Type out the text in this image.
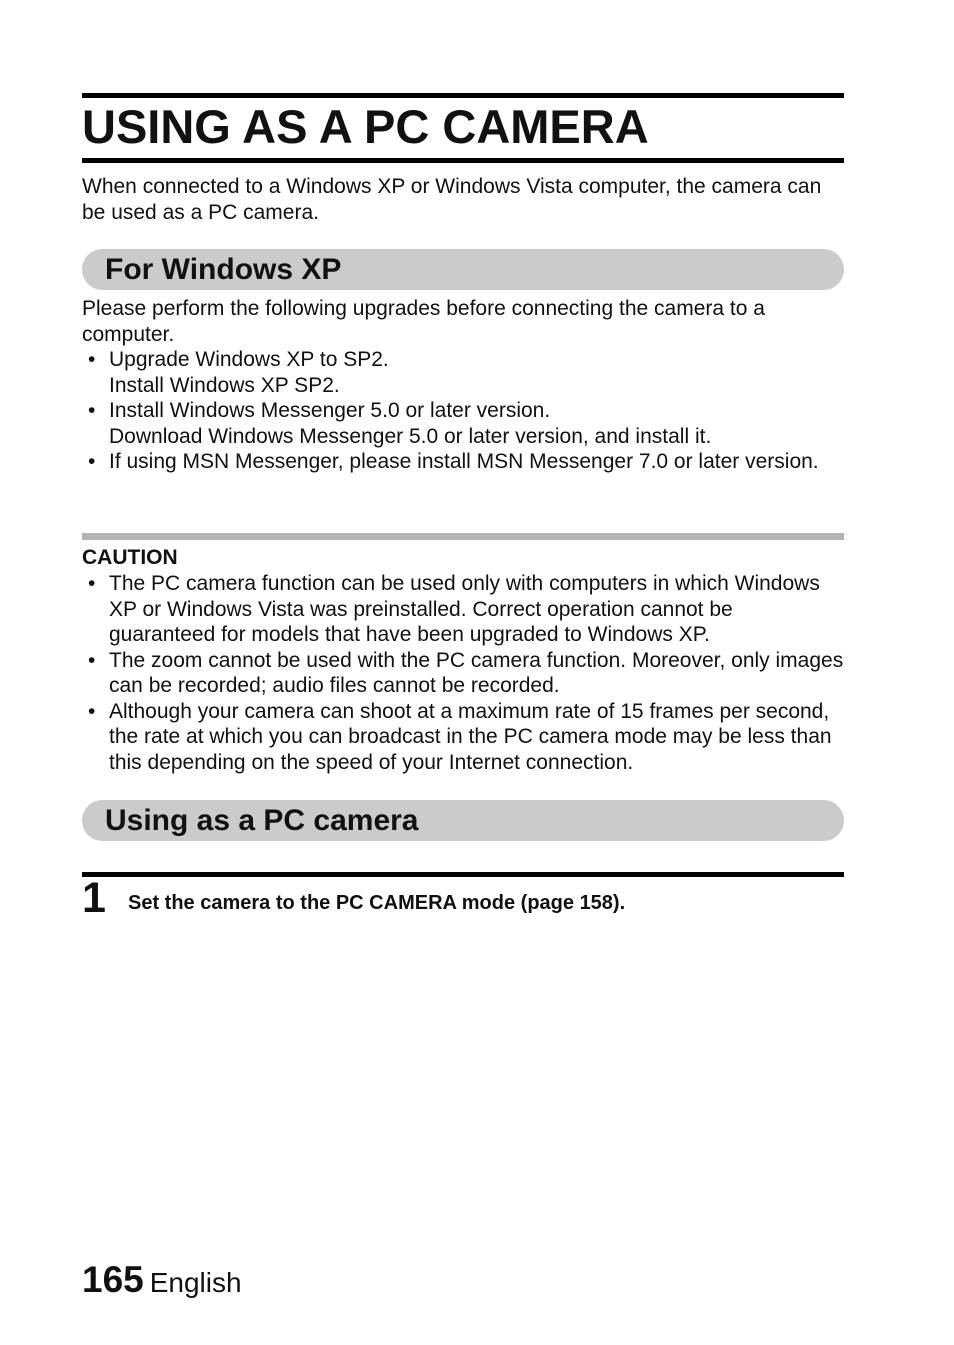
USING AS A PC CAMERA

When connected to a Windows XP or Windows Vista computer, the camera can be used as a PC camera.

For Windows XP

Please perform the following upgrades before connecting the camera to a computer.

• Upgrade Windows XP to SP2.
Install Windows XP SP2.
• Install Windows Messenger 5.0 or later version.
Download Windows Messenger 5.0 or later version, and install it.
• If using MSN Messenger, please install MSN Messenger 7.0 or later version.
CAUTION
• The PC camera function can be used only with computers in which Windows XP or Windows Vista was preinstalled. Correct operation cannot be guaranteed for models that have been upgraded to Windows XP.
• The zoom cannot be used with the PC camera function. Moreover, only images can be recorded; audio files cannot be recorded.
• Although your camera can shoot at a maximum rate of 15 frames per second, the rate at which you can broadcast in the PC camera mode may be less than this depending on the speed of your Internet connection.
Using as a PC camera
1 Set the camera to the PC CAMERA mode (page 158).
165 English
